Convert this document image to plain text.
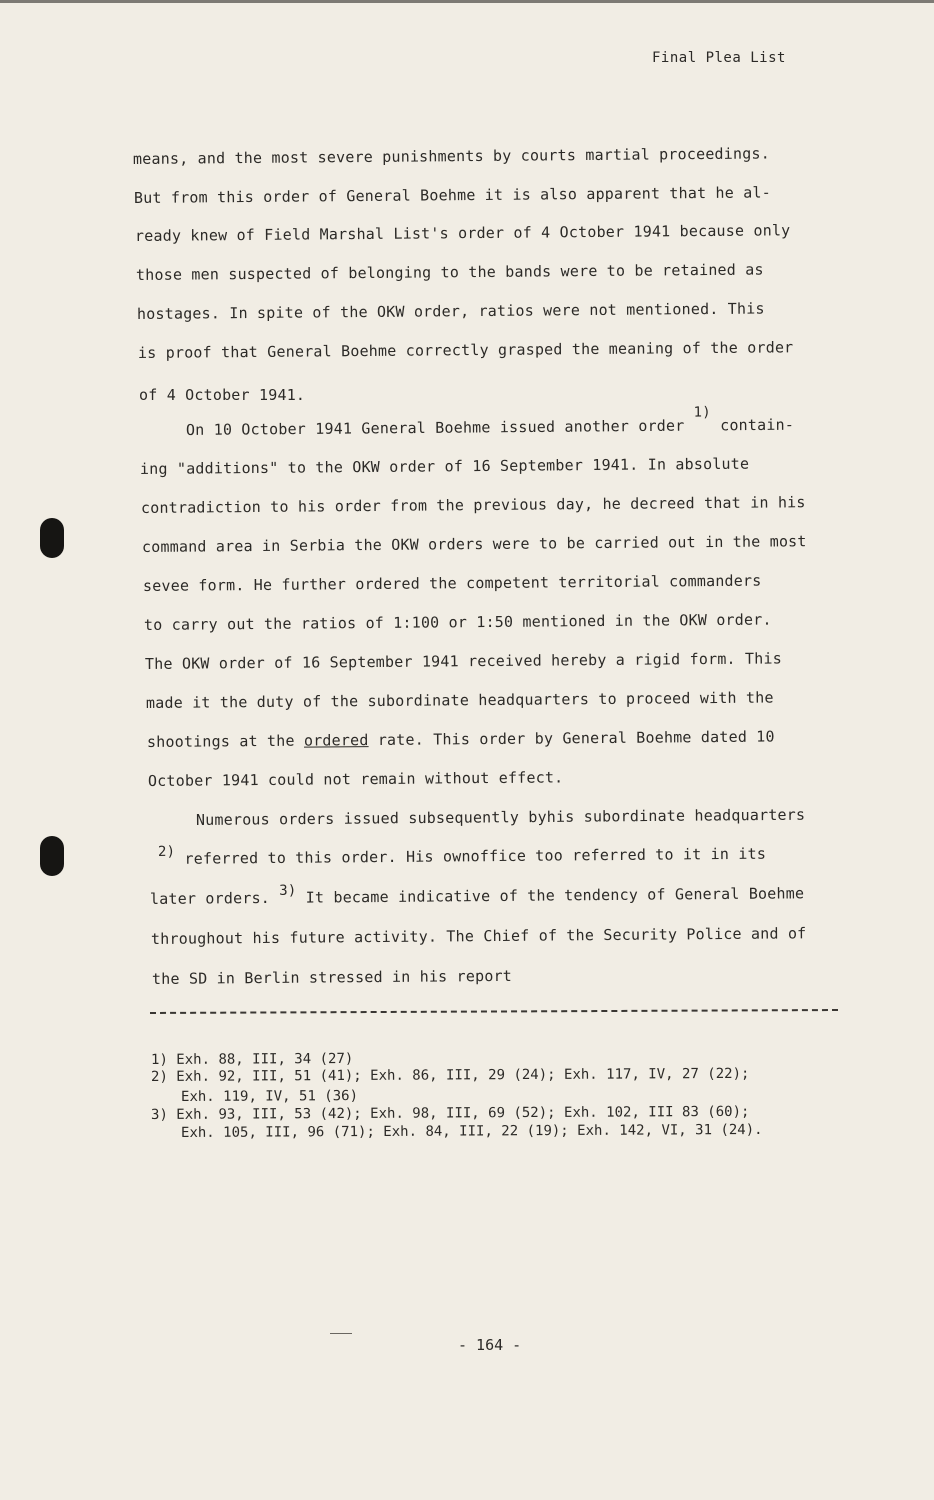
Final Plea List
means, and the most severe punishments by courts martial proceedings.
But from this order of General Boehme it is also apparent that he al-
ready knew of Field Marshal List's order of 4 October 1941 because only
those men suspected of belonging to the bands were to be retained as
hostages. In spite of the OKW order, ratios were not mentioned. This
is proof that General Boehme correctly grasped the meaning of the order
of 4 October 1941.
On 10 October 1941 General Boehme issued another order 1) contain-
ing "additions" to the OKW order of 16 September 1941. In absolute
contradiction to his order from the previous day, he decreed that in his
command area in Serbia the OKW orders were to be carried out in the most
sevee form. He further ordered the competent territorial commanders
to carry out the ratios of 1:100 or 1:50 mentioned in the OKW order.
The OKW order of 16 September 1941 received hereby a rigid form. This
made it the duty of the subordinate headquarters to proceed with the
shootings at the ordered rate. This order by General Boehme dated 10
October 1941 could not remain without effect.
Numerous orders issued subsequently byhis subordinate headquarters
2) referred to this order. His ownoffice too referred to it in its
later orders. 3) It became indicative of the tendency of General Boehme
throughout his future activity. The Chief of the Security Police and of
the SD in Berlin stressed in his report
1) Exh. 88, III, 34 (27)
2) Exh. 92, III, 51 (41); Exh. 86, III, 29 (24); Exh. 117, IV, 27 (22);
Exh. 119, IV, 51 (36)
3) Exh. 93, III, 53 (42); Exh. 98, III, 69 (52); Exh. 102, III 83 (60);
Exh. 105, III, 96 (71); Exh. 84, III, 22 (19); Exh. 142, VI, 31 (24).
- 164 -
